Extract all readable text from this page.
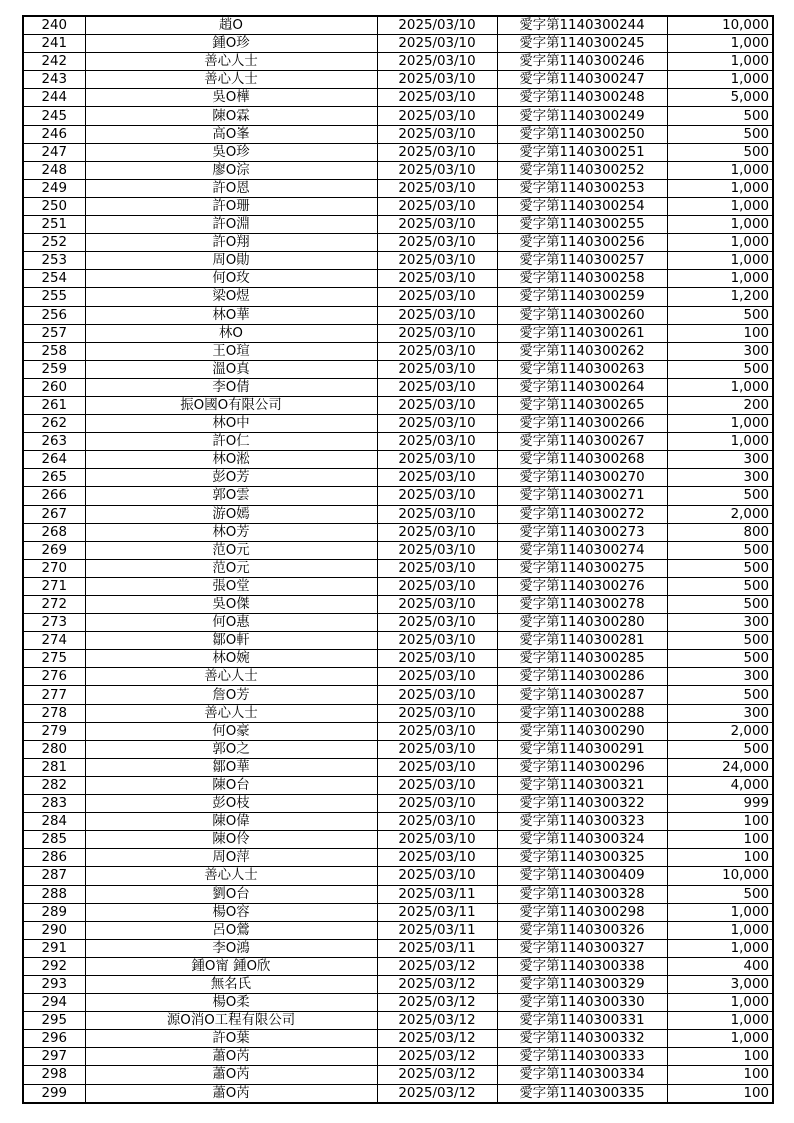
240	趙O	2025/03/10	愛字第1140300244	10,000
241	鍾O珍	2025/03/10	愛字第1140300245	1,000
242	善心人士	2025/03/10	愛字第1140300246	1,000
243	善心人士	2025/03/10	愛字第1140300247	1,000
244	吳O樺	2025/03/10	愛字第1140300248	5,000
245	陳O霖	2025/03/10	愛字第1140300249	500
246	高O峯	2025/03/10	愛字第1140300250	500
247	吳O珍	2025/03/10	愛字第1140300251	500
248	廖O淙	2025/03/10	愛字第1140300252	1,000
249	許O恩	2025/03/10	愛字第1140300253	1,000
250	許O珊	2025/03/10	愛字第1140300254	1,000
251	許O淵	2025/03/10	愛字第1140300255	1,000
252	許O翔	2025/03/10	愛字第1140300256	1,000
253	周O勛	2025/03/10	愛字第1140300257	1,000
254	何O玫	2025/03/10	愛字第1140300258	1,000
255	梁O煜	2025/03/10	愛字第1140300259	1,200
256	林O華	2025/03/10	愛字第1140300260	500
257	林O	2025/03/10	愛字第1140300261	100
258	王O瑄	2025/03/10	愛字第1140300262	300
259	溫O真	2025/03/10	愛字第1140300263	500
260	李O倩	2025/03/10	愛字第1140300264	1,000
261	振O國O有限公司	2025/03/10	愛字第1140300265	200
262	林O中	2025/03/10	愛字第1140300266	1,000
263	許O仁	2025/03/10	愛字第1140300267	1,000
264	林O淞	2025/03/10	愛字第1140300268	300
265	彭O芳	2025/03/10	愛字第1140300270	300
266	郭O雲	2025/03/10	愛字第1140300271	500
267	游O嫣	2025/03/10	愛字第1140300272	2,000
268	林O芳	2025/03/10	愛字第1140300273	800
269	范O元	2025/03/10	愛字第1140300274	500
270	范O元	2025/03/10	愛字第1140300275	500
271	張O堂	2025/03/10	愛字第1140300276	500
272	吳O傑	2025/03/10	愛字第1140300278	500
273	何O惠	2025/03/10	愛字第1140300280	300
274	鄒O軒	2025/03/10	愛字第1140300281	500
275	林O婉	2025/03/10	愛字第1140300285	500
276	善心人士	2025/03/10	愛字第1140300286	300
277	詹O芳	2025/03/10	愛字第1140300287	500
278	善心人士	2025/03/10	愛字第1140300288	300
279	何O豪	2025/03/10	愛字第1140300290	2,000
280	郭O之	2025/03/10	愛字第1140300291	500
281	鄒O華	2025/03/10	愛字第1140300296	24,000
282	陳O台	2025/03/10	愛字第1140300321	4,000
283	彭O枝	2025/03/10	愛字第1140300322	999
284	陳O偉	2025/03/10	愛字第1140300323	100
285	陳O伶	2025/03/10	愛字第1140300324	100
286	周O萍	2025/03/10	愛字第1140300325	100
287	善心人士	2025/03/10	愛字第1140300409	10,000
288	劉O台	2025/03/11	愛字第1140300328	500
289	楊O容	2025/03/11	愛字第1140300298	1,000
290	呂O鶯	2025/03/11	愛字第1140300326	1,000
291	李O鴻	2025/03/11	愛字第1140300327	1,000
292	鍾O甯 鍾O欣	2025/03/12	愛字第1140300338	400
293	無名氏	2025/03/12	愛字第1140300329	3,000
294	楊O柔	2025/03/12	愛字第1140300330	1,000
295	源O消O工程有限公司	2025/03/12	愛字第1140300331	1,000
296	許O葉	2025/03/12	愛字第1140300332	1,000
297	蕭O芮	2025/03/12	愛字第1140300333	100
298	蕭O芮	2025/03/12	愛字第1140300334	100
299	蕭O芮	2025/03/12	愛字第1140300335	100
